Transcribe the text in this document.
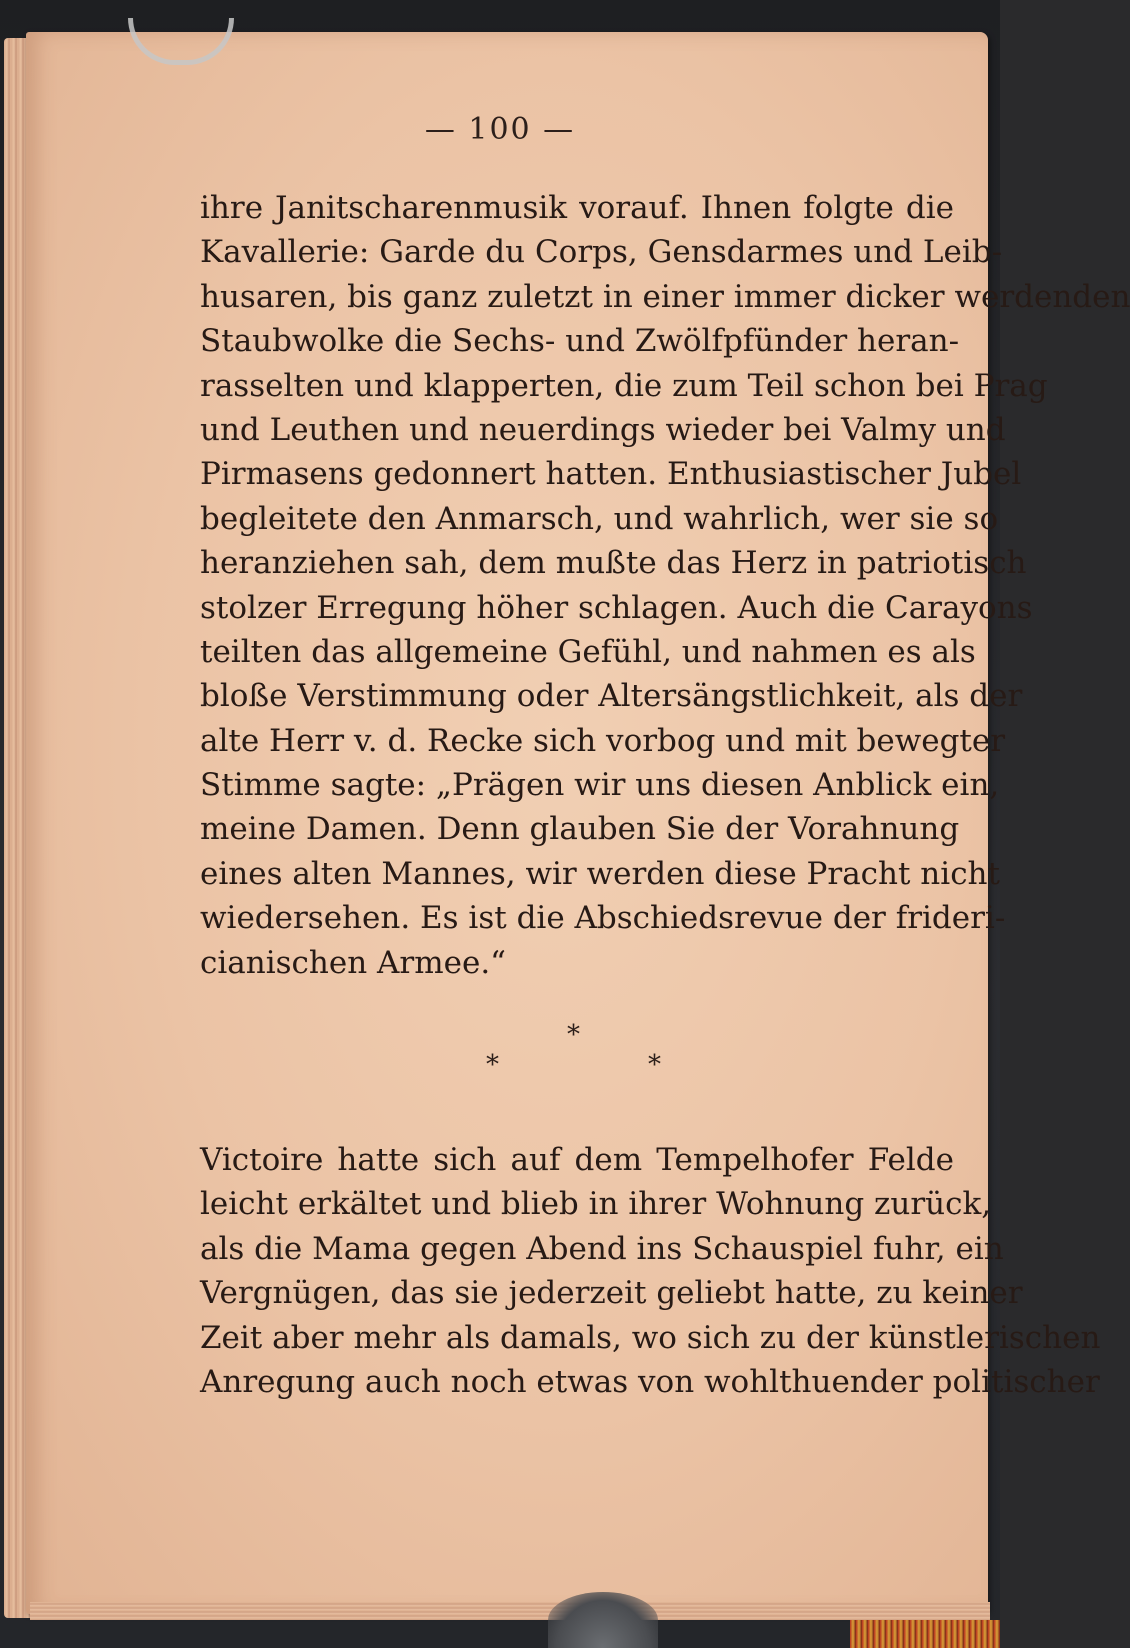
— 100 —
ihre Janitscharenmusik vorauf. Ihnen folgte die
Kavallerie: Garde du Corps, Gensdarmes und Leib-
husaren, bis ganz zuletzt in einer immer dicker werdenden
Staubwolke die Sechs- und Zwölfpfünder heran-
rasselten und klapperten, die zum Teil schon bei Prag
und Leuthen und neuerdings wieder bei Valmy und
Pirmasens gedonnert hatten. Enthusiastischer Jubel
begleitete den Anmarsch, und wahrlich, wer sie so
heranziehen sah, dem mußte das Herz in patriotisch
stolzer Erregung höher schlagen. Auch die Carayons
teilten das allgemeine Gefühl, und nahmen es als
bloße Verstimmung oder Altersängstlichkeit, als der
alte Herr v. d. Recke sich vorbog und mit bewegter
Stimme sagte: „Prägen wir uns diesen Anblick ein,
meine Damen. Denn glauben Sie der Vorahnung
eines alten Mannes, wir werden diese Pracht nicht
wiedersehen. Es ist die Abschiedsrevue der frideri-
cianischen Armee.“
*
*
*
Victoire hatte sich auf dem Tempelhofer Felde
leicht erkältet und blieb in ihrer Wohnung zurück,
als die Mama gegen Abend ins Schauspiel fuhr, ein
Vergnügen, das sie jederzeit geliebt hatte, zu keiner
Zeit aber mehr als damals, wo sich zu der künstlerischen
Anregung auch noch etwas von wohlthuender politischer
